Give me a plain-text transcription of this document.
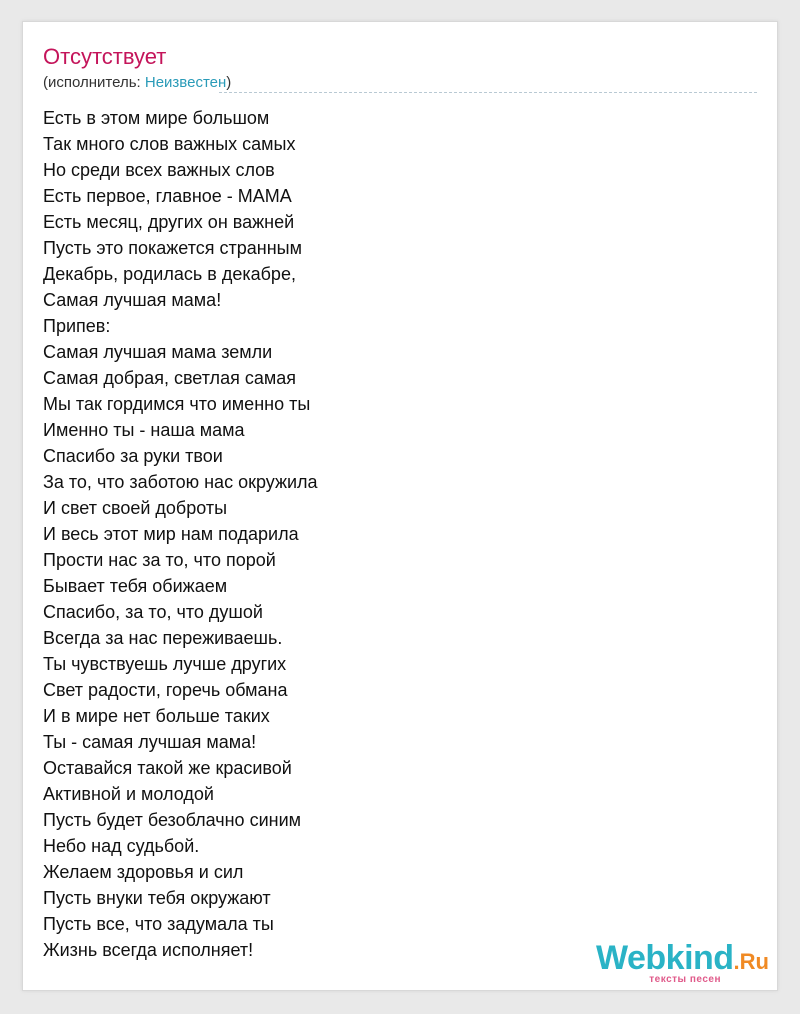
Отсутствует
(исполнитель: Неизвестен)
Есть в этом мире большом
Так много слов важных самых
Но среди всех важных слов
Есть первое, главное - МАМА
Есть месяц, других он важней
Пусть это покажется странным
Декабрь, родилась в декабре,
Самая лучшая мама!
Припев:
Самая лучшая мама земли
Самая добрая, светлая самая
Мы так гордимся что именно ты
Именно ты - наша мама
Спасибо за руки твои
За то, что заботою нас окружила
И свет своей доброты
И весь этот мир нам подарила
Прости нас за то, что порой
Бывает тебя обижаем
Спасибо, за то, что душой
Всегда за нас переживаешь.
Ты чувствуешь лучше других
Свет радости, горечь обмана
И в мире нет больше таких
Ты - самая лучшая мама!
Оставайся такой же красивой
Активной и молодой
Пусть будет безоблачно синим
Небо над судьбой.
Желаем здоровья и сил
Пусть внуки тебя окружают
Пусть все, что задумала ты
Жизнь всегда исполняет!	Webkind.Ru
тексты песен
